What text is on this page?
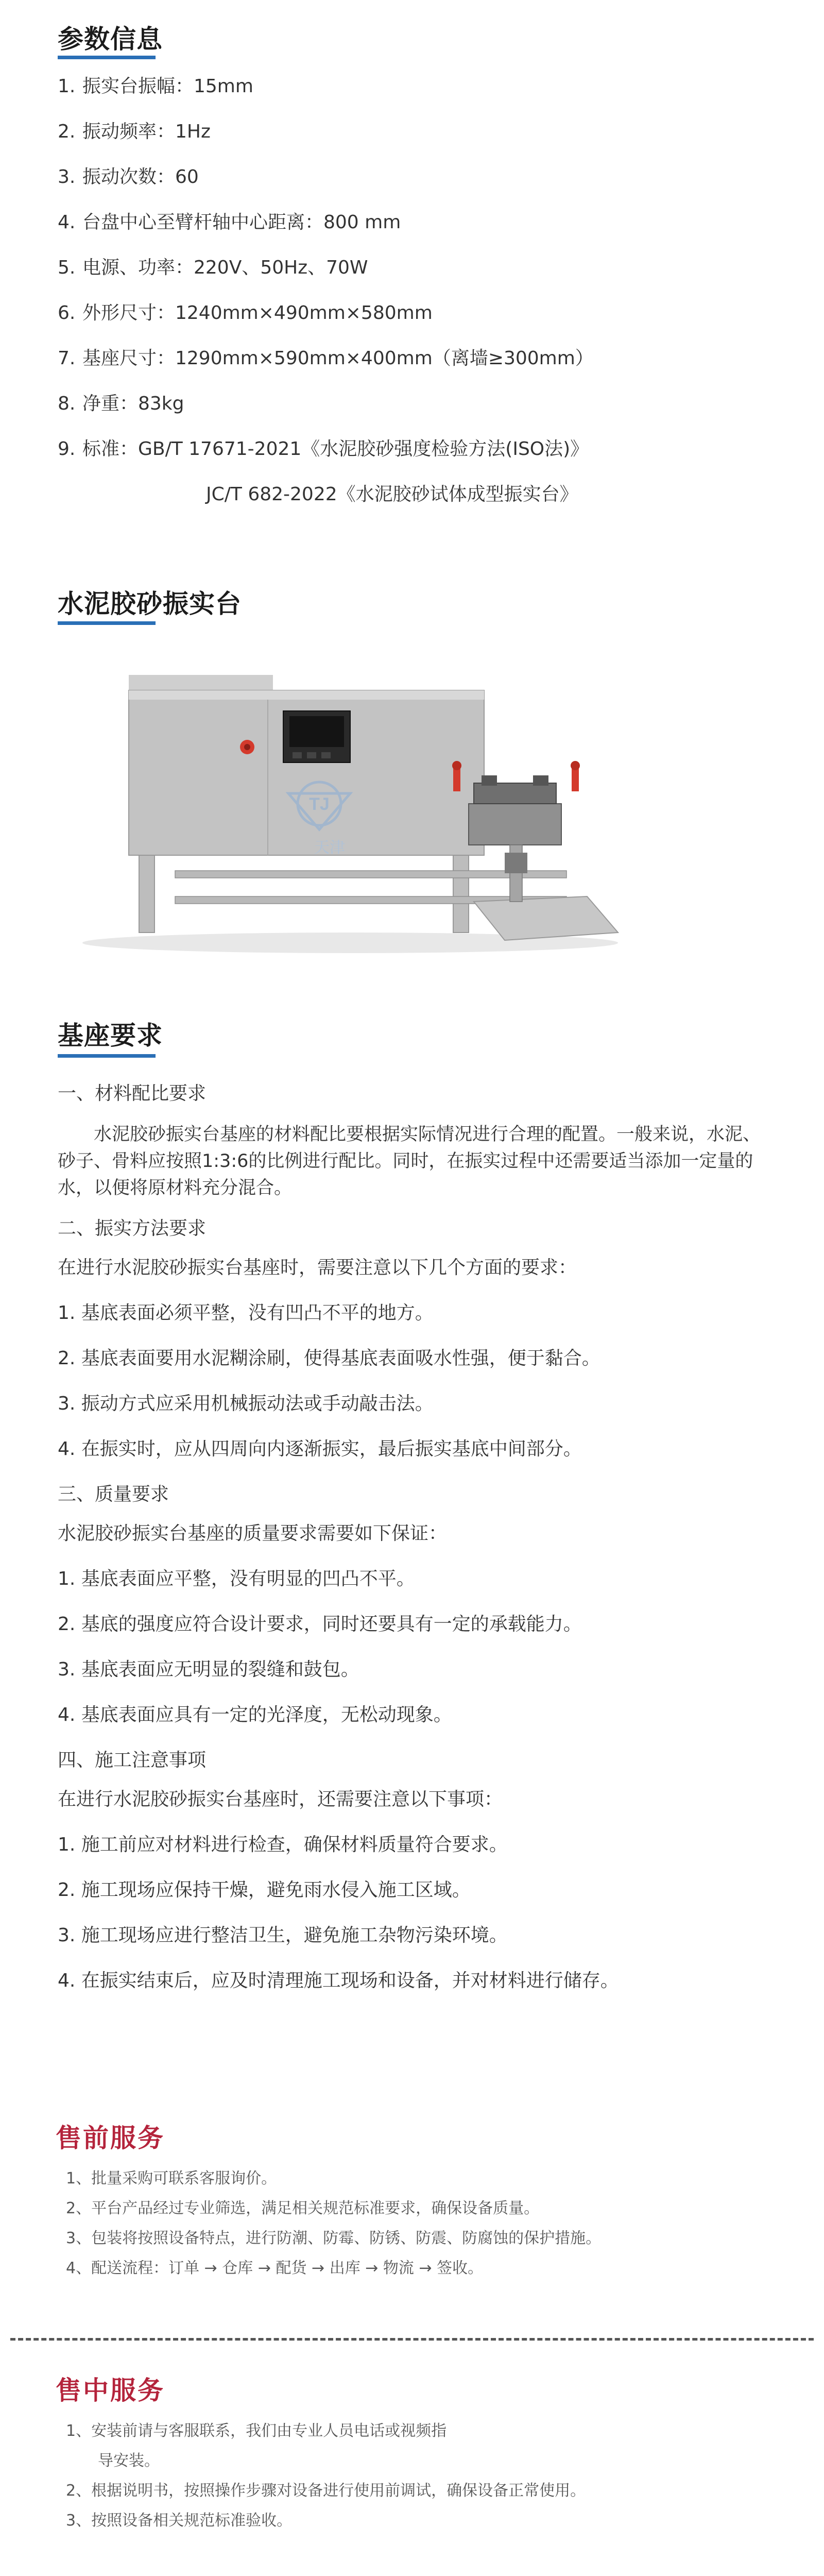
参数信息
1. 振实台振幅：15mm
2. 振动频率：1Hz
3. 振动次数：60
4. 台盘中心至臂杆轴中心距离：800 mm
5. 电源、功率：220V、50Hz、70W
6. 外形尺寸：1240mm×490mm×580mm
7. 基座尺寸：1290mm×590mm×400mm（离墙≥300mm）
8. 净重：83kg
9. 标准：GB/T 17671-2021《水泥胶砂强度检验方法(ISO法)》
JC/T 682-2022《水泥胶砂试体成型振实台》
水泥胶砂振实台
TJ
天津
基座要求
一、材料配比要求
水泥胶砂振实台基座的材料配比要根据实际情况进行合理的配置。一般来说，水泥、砂子、骨料应按照1:3:6的比例进行配比。同时，在振实过程中还需要适当添加一定量的水，以便将原材料充分混合。
二、振实方法要求
在进行水泥胶砂振实台基座时，需要注意以下几个方面的要求：
1. 基底表面必须平整，没有凹凸不平的地方。
2. 基底表面要用水泥糊涂刷，使得基底表面吸水性强，便于黏合。
3. 振动方式应采用机械振动法或手动敲击法。
4. 在振实时，应从四周向内逐渐振实，最后振实基底中间部分。
三、质量要求
水泥胶砂振实台基座的质量要求需要如下保证：
1. 基底表面应平整，没有明显的凹凸不平。
2. 基底的强度应符合设计要求，同时还要具有一定的承载能力。
3. 基底表面应无明显的裂缝和鼓包。
4. 基底表面应具有一定的光泽度，无松动现象。
四、施工注意事项
在进行水泥胶砂振实台基座时，还需要注意以下事项：
1. 施工前应对材料进行检查，确保材料质量符合要求。
2. 施工现场应保持干燥，避免雨水侵入施工区域。
3. 施工现场应进行整洁卫生，避免施工杂物污染环境。
4. 在振实结束后，应及时清理施工现场和设备，并对材料进行储存。
售前服务
1、批量采购可联系客服询价。
2、平台产品经过专业筛选，满足相关规范标准要求，确保设备质量。
3、包装将按照设备特点，进行防潮、防霉、防锈、防震、防腐蚀的保护措施。
4、配送流程：订单 → 仓库 → 配货 → 出库 → 物流 → 签收。
售中服务
1、安装前请与客服联系，我们由专业人员电话或视频指
导安装。
2、根据说明书，按照操作步骤对设备进行使用前调试，确保设备正常使用。
3、按照设备相关规范标准验收。
